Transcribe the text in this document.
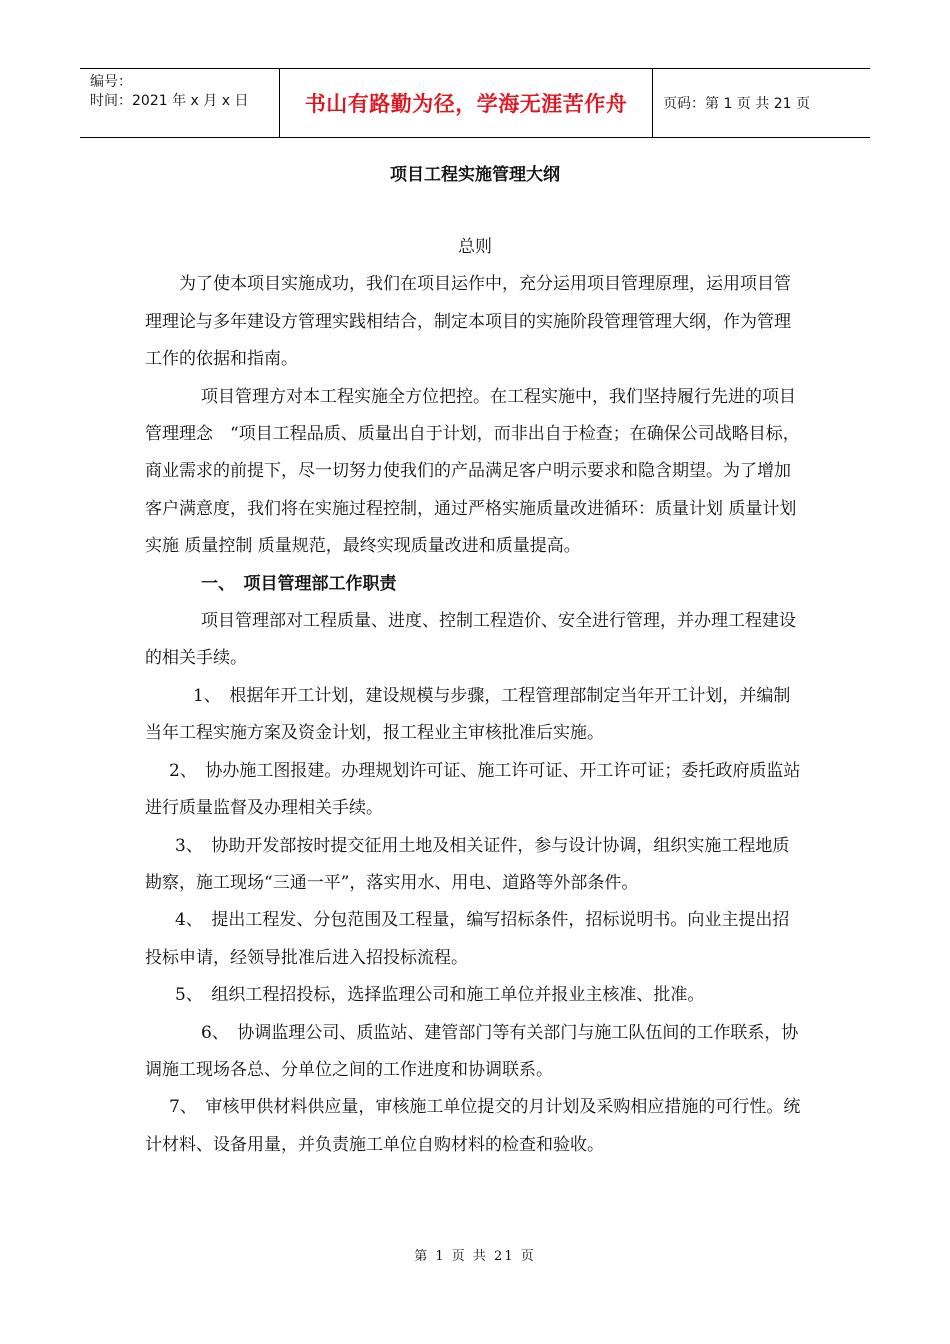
编号：
时间：2021 年 x 月 x 日	书山有路勤为径，学海无涯苦作舟	页码：第 1 页 共 21 页
项目工程实施管理大纲

总则

为了使本项目实施成功，我们在项目运作中，充分运用项目管理原理，运用项目管理理论与多年建设方管理实践相结合，制定本项目的实施阶段管理管理大纲，作为管理工作的依据和指南。

项目管理方对本工程实施全方位把控。在工程实施中，我们坚持履行先进的项目管理理念　“项目工程品质、质量出自于计划，而非出自于检查；在确保公司战略目标，商业需求的前提下，尽一切努力使我们的产品满足客户明示要求和隐含期望。为了增加客户满意度，我们将在实施过程控制，通过严格实施质量改进循环：质量计划 质量计划实施 质量控制 质量规范，最终实现质量改进和质量提高。

一、　项目管理部工作职责

项目管理部对工程质量、进度、控制工程造价、安全进行管理，并办理工程建设的相关手续。

1、　根据年开工计划，建设规模与步骤，工程管理部制定当年开工计划，并编制当年工程实施方案及资金计划，报工程业主审核批准后实施。

2、　协办施工图报建。办理规划许可证、施工许可证、开工许可证；委托政府质监站进行质量监督及办理相关手续。

3、　协助开发部按时提交征用土地及相关证件，参与设计协调，组织实施工程地质勘察，施工现场“三通一平”，落实用水、用电、道路等外部条件。

4、　提出工程发、分包范围及工程量，编写招标条件，招标说明书。向业主提出招投标申请，经领导批准后进入招投标流程。

5、　组织工程招投标，选择监理公司和施工单位并报业主核准、批准。

6、　协调监理公司、质监站、建管部门等有关部门与施工队伍间的工作联系，协调施工现场各总、分单位之间的工作进度和协调联系。

7、　审核甲供材料供应量，审核施工单位提交的月计划及采购相应措施的可行性。统计材料、设备用量，并负责施工单位自购材料的检查和验收。

第 1 页 共 21 页
